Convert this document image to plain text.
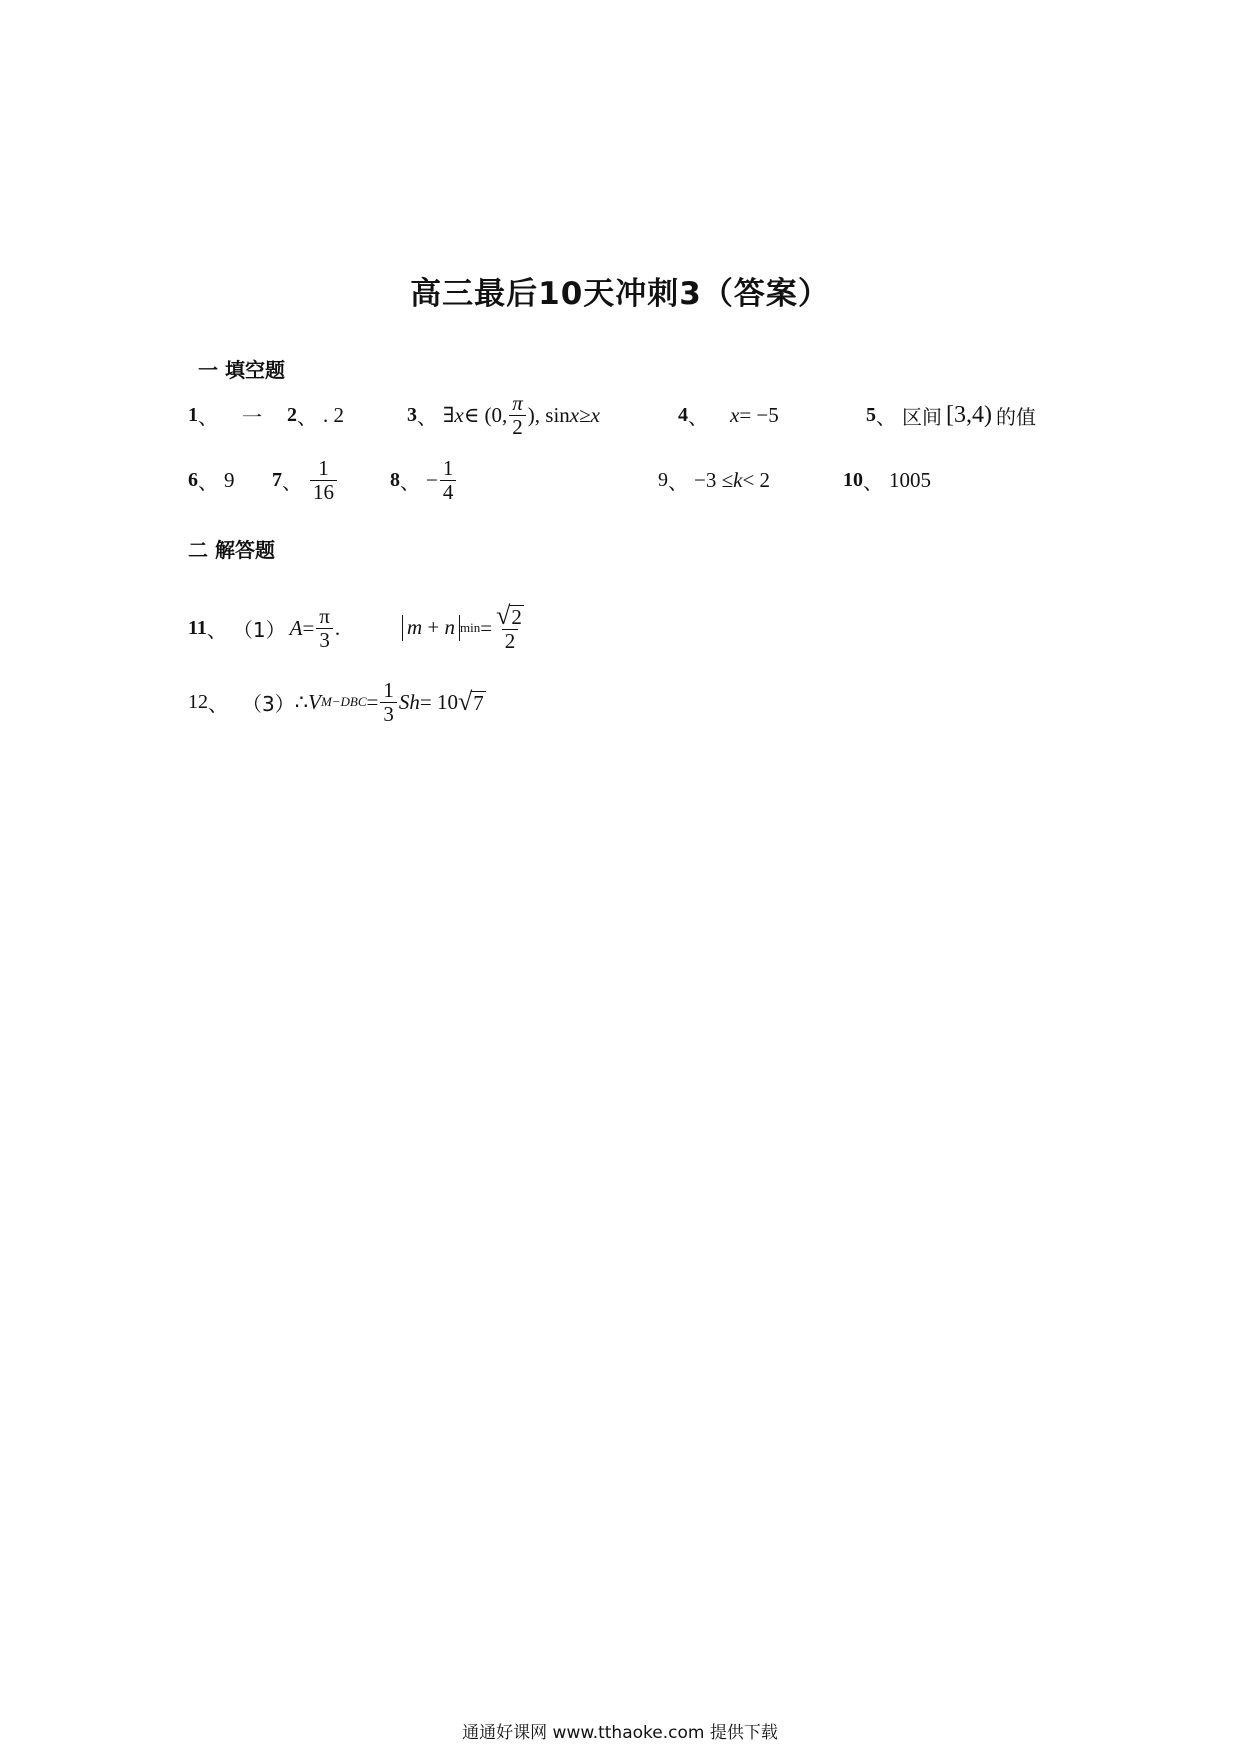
高三最后10天冲刺3（答案）
一 填空题
1 、 一 2 、 . 2	3 、 ∃ x ∈ (0, $\frac{\pi}{2}$ ), sin x ≥ x	4 、 x = −5	5 、 区间 [3,4) 的值
6 、 9 7 、 $\frac{1}{16}$	8 、 − $\frac{1}{4}$	9 、 −3 ≤ k < 2	10 、 1005
二 解答题
11 、 （1） $A = \frac{\pi}{3}$ .	m + n $\min = \frac{√ 2}{2}$
12 、 （3） ∴ V $M-DBC = \frac{1}{3}$ Sh = 10 √ 7
通通好课网 www.tthaoke.com 提供下载
